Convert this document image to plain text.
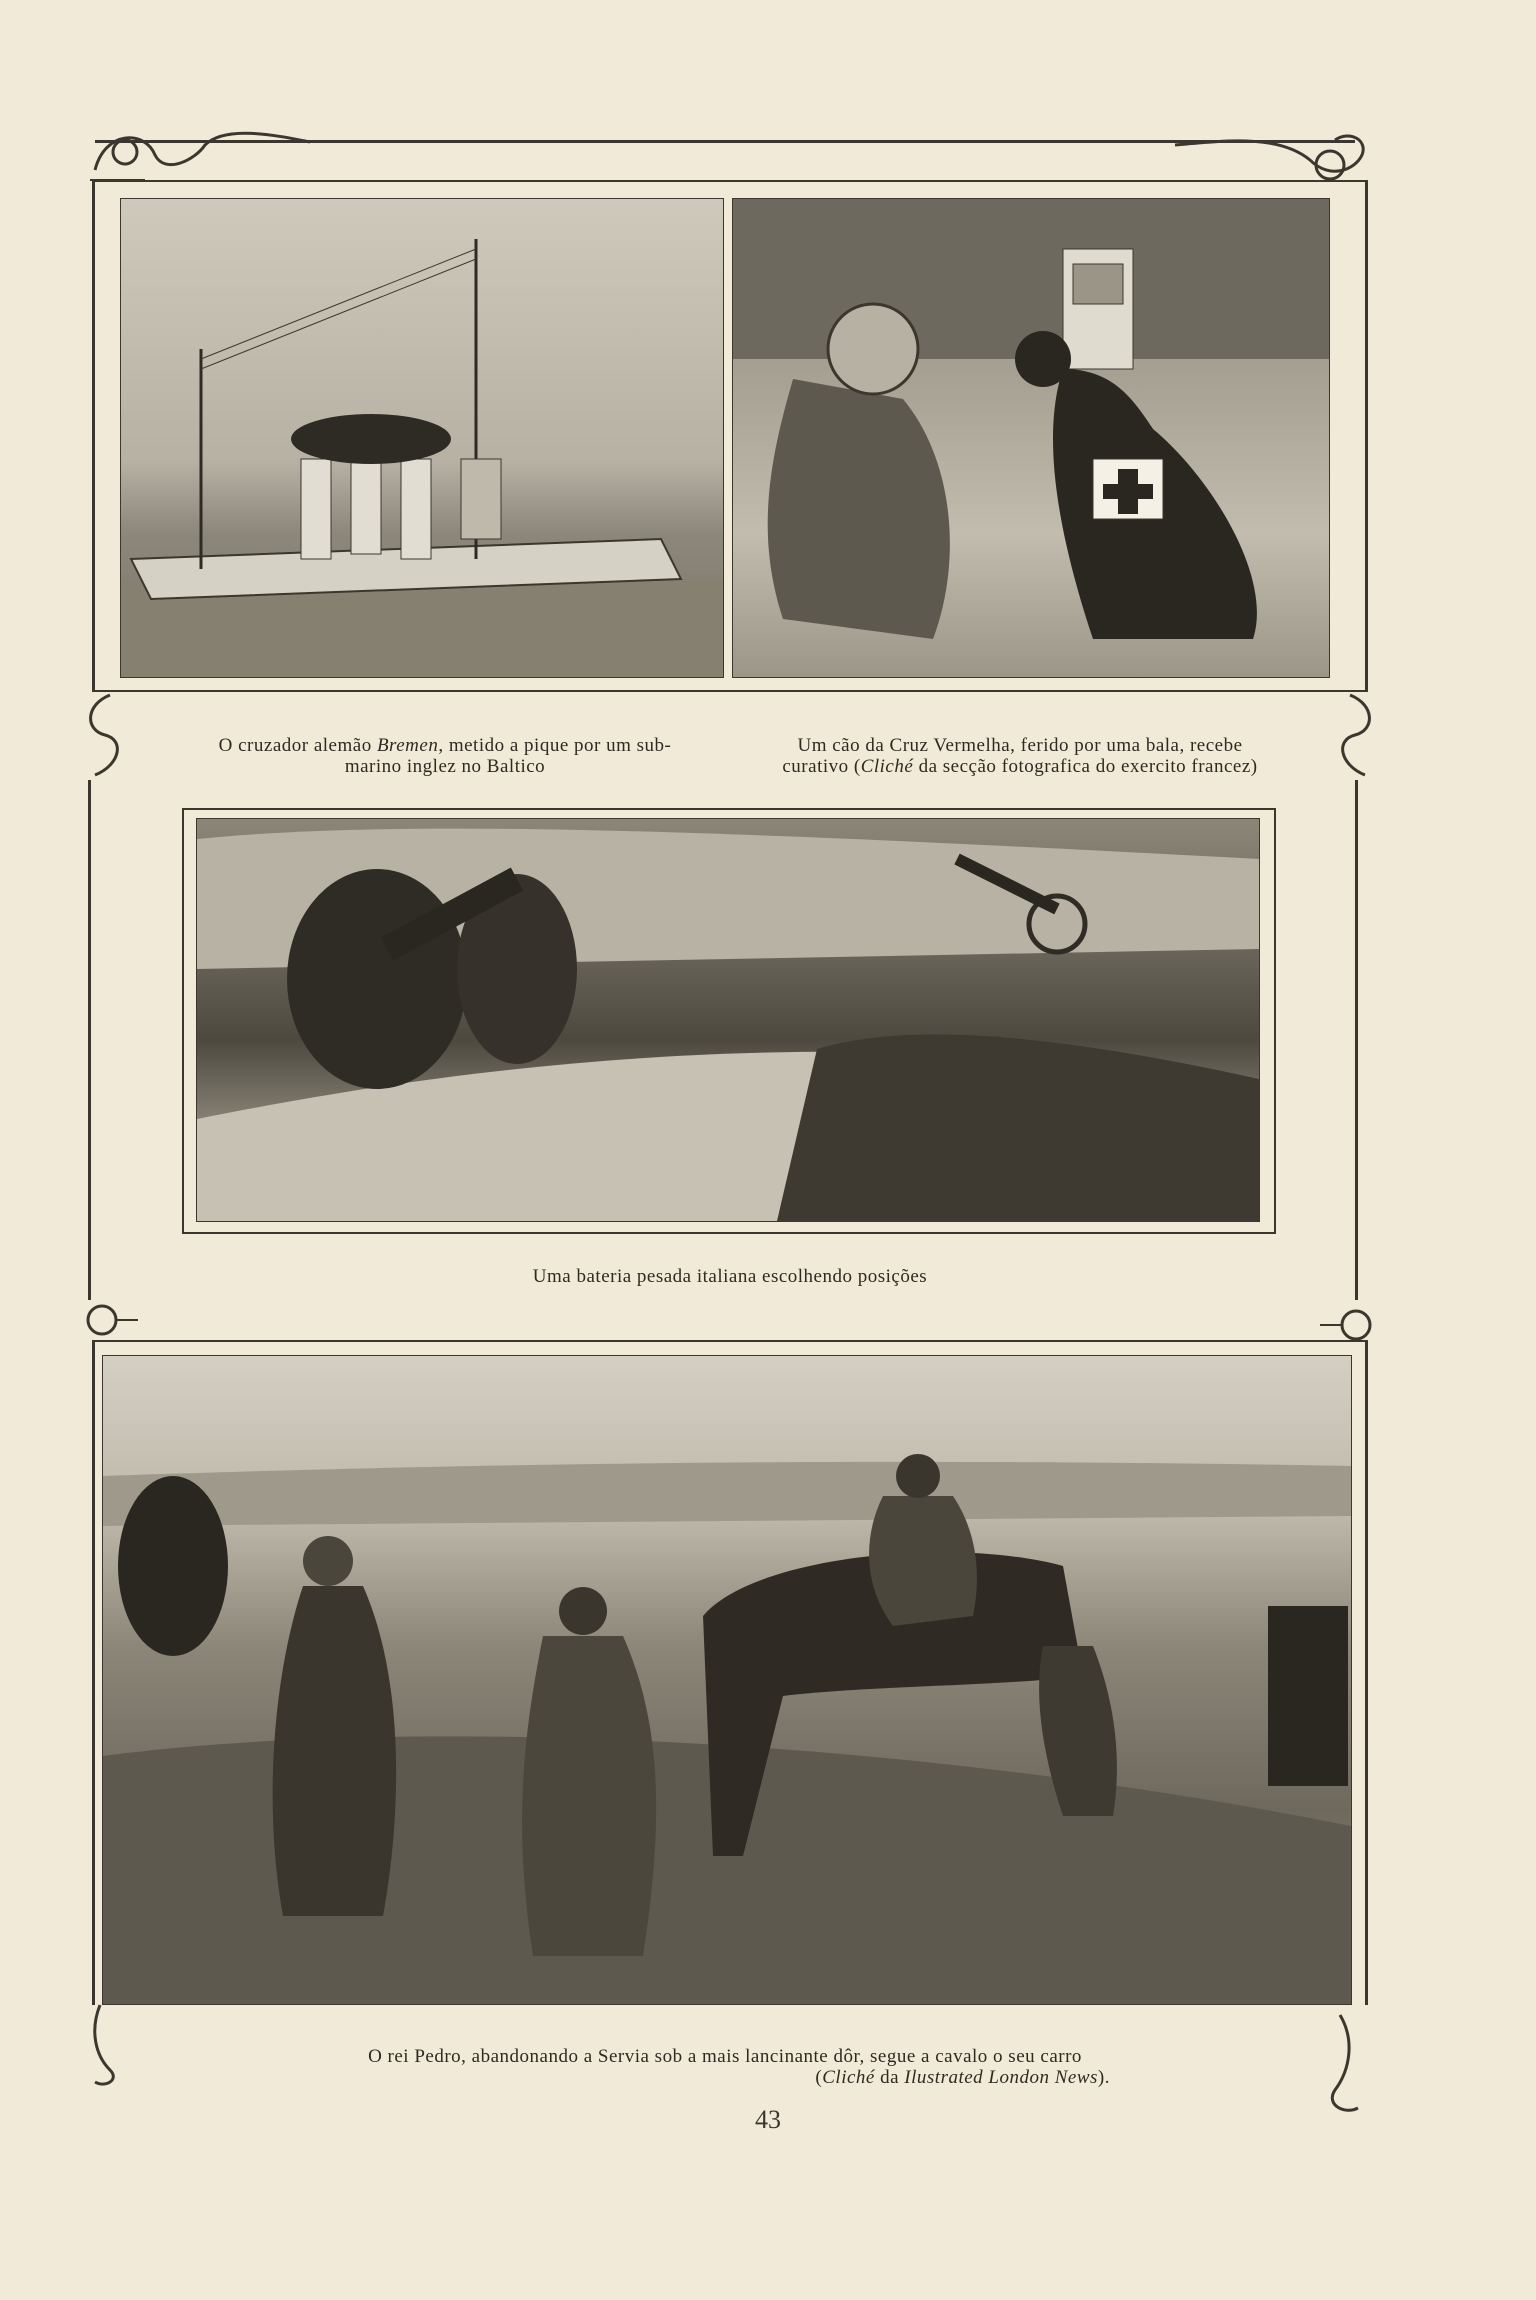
O cruzador alemão Bremen, metido a pique por um sub-
marino inglez no Baltico
Um cão da Cruz Vermelha, ferido por uma bala, recebe
curativo (Cliché da secção fotografica do exercito francez)
Uma bateria pesada italiana escolhendo posições
O rei Pedro, abandonando a Servia sob a mais lancinante dôr, segue a cavalo o seu carro
(Cliché da Ilustrated London News).
43
